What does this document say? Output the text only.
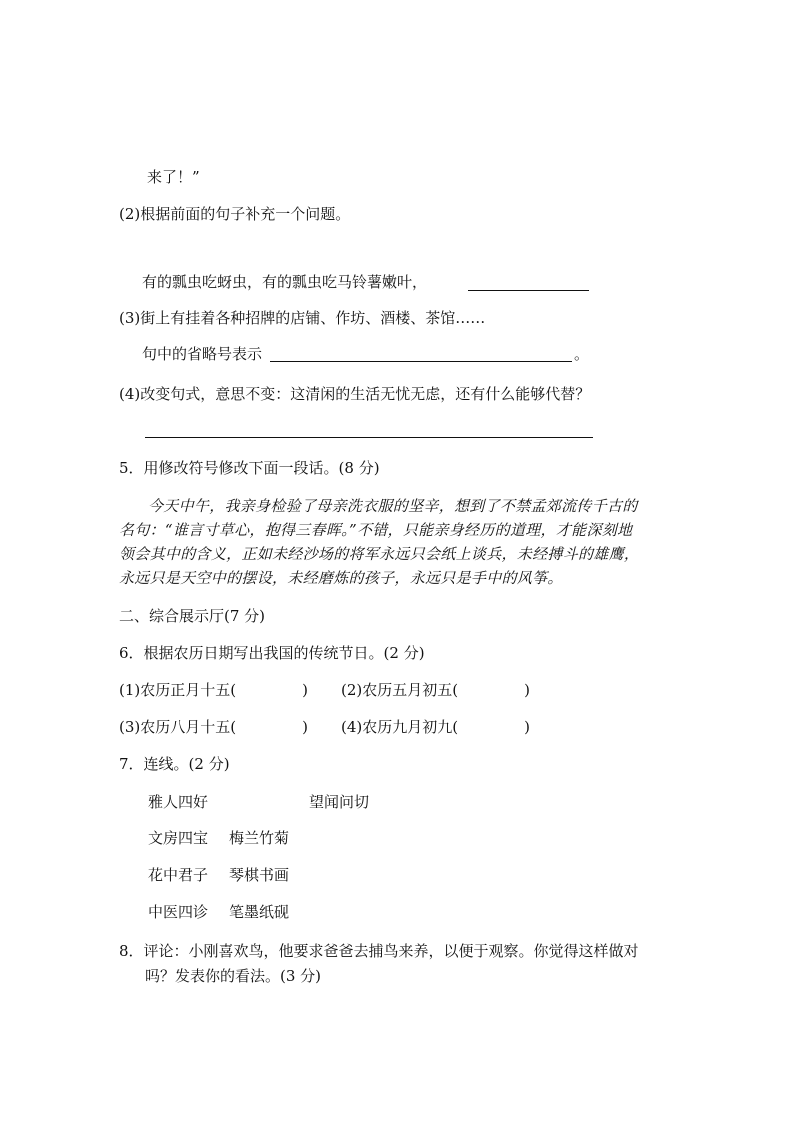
来了！”
(2)根据前面的句子补充一个问题。
有的瓢虫吃蚜虫，有的瓢虫吃马铃薯嫩叶，
(3)街上有挂着各种招牌的店铺、作坊、酒楼、茶馆……
句中的省略号表示	。
(4)改变句式，意思不变：这清闲的生活无忧无虑，还有什么能够代替？
5．用修改符号修改下面一段话。(8 分)
今天中午，我亲身检验了母亲洗衣服的坚辛，想到了不禁孟郊流传千古的
名句：“谁言寸草心，抱得三春晖。”不错，只能亲身经历的道理，才能深刻地
领会其中的含义，正如未经沙场的将军永远只会纸上谈兵，未经搏斗的雄鹰，
永远只是天空中的摆设，未经磨炼的孩子，永远只是手中的风筝。
二、综合展示厅(7 分)
6．根据农历日期写出我国的传统节日。(2 分)
(1)农历正月十五(	) (2)农历五月初五(	)
(3)农历八月十五(	) (4)农历九月初九(	)
7．连线。(2 分)
雅人四好	望闻问切
文房四宝 梅兰竹菊
花中君子 琴棋书画
中医四诊 笔墨纸砚
8．评论：小刚喜欢鸟，他要求爸爸去捕鸟来养，以便于观察。你觉得这样做对
吗？发表你的看法。(3 分)
